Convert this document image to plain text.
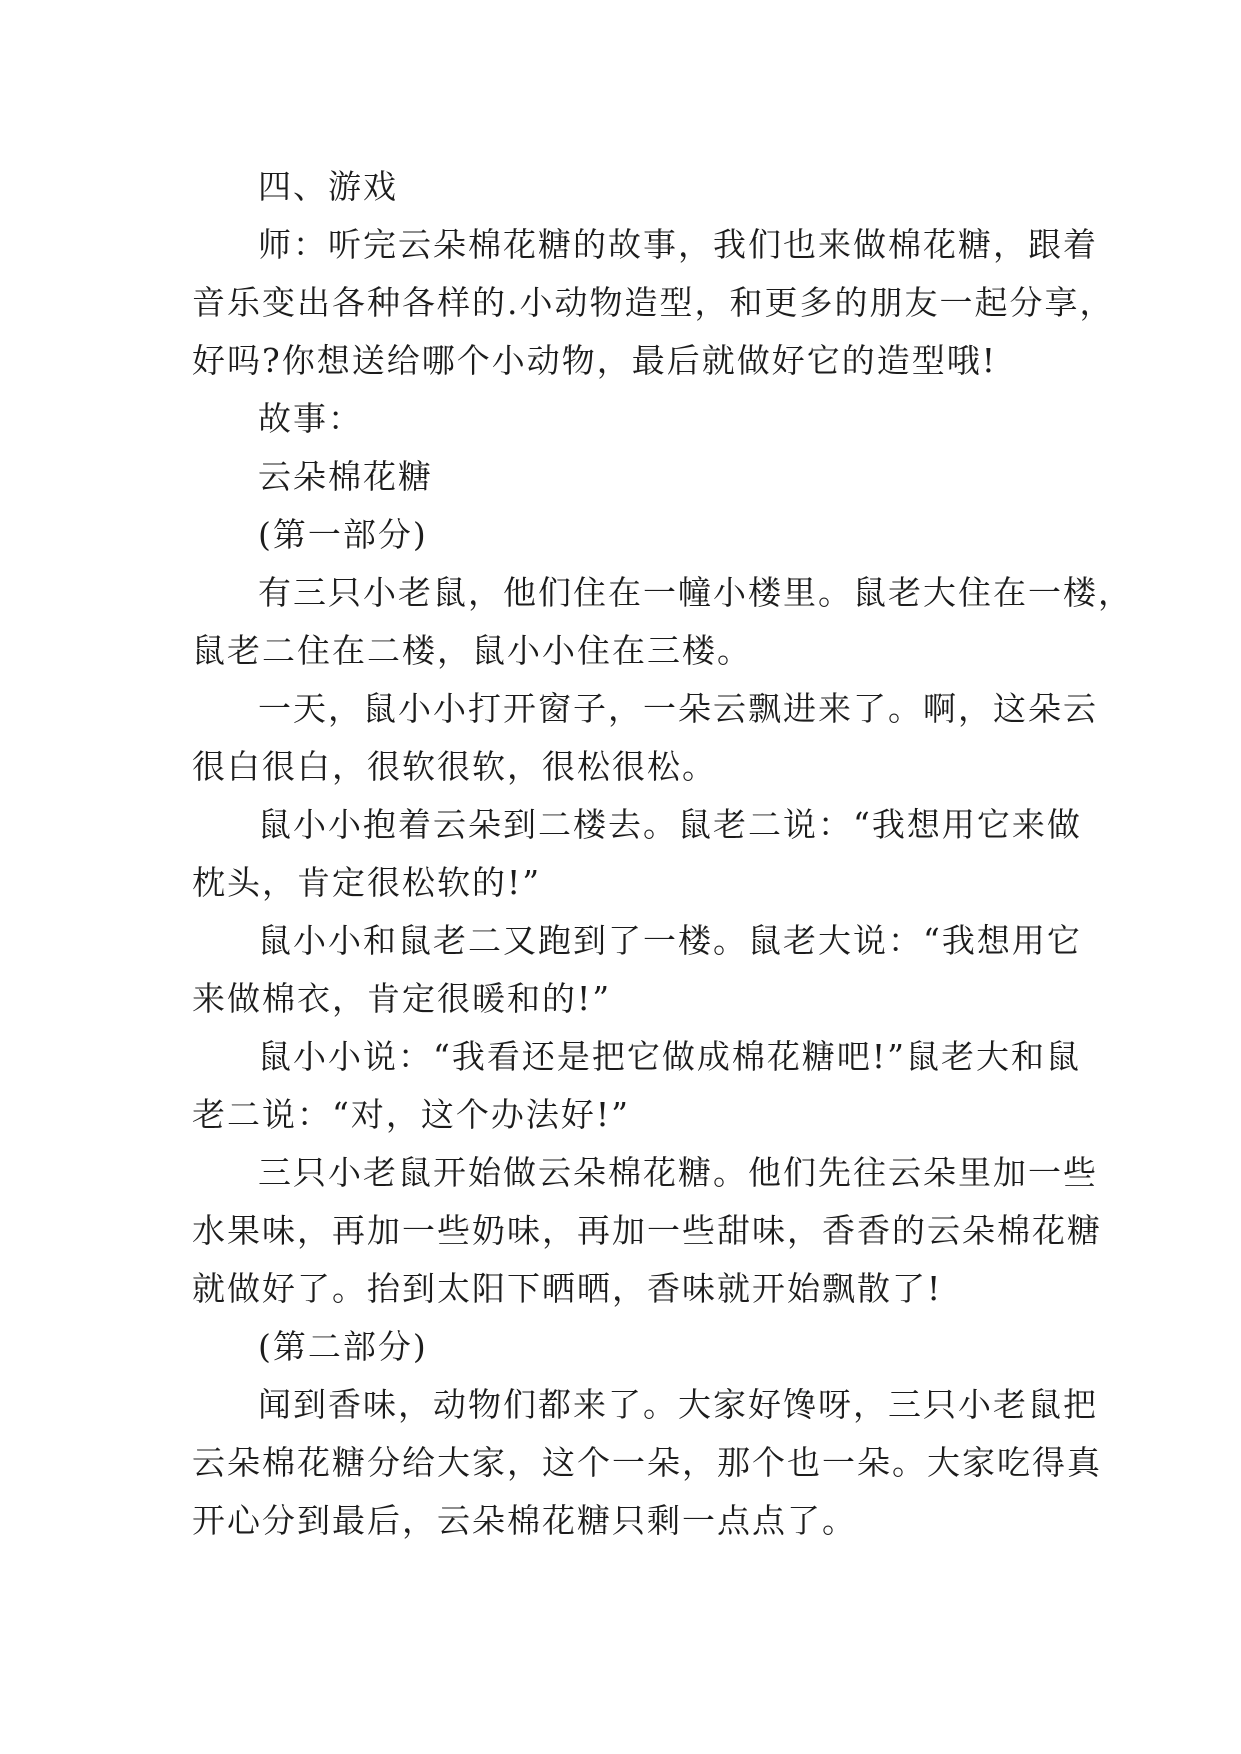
四、游戏
师：听完云朵棉花糖的故事，我们也来做棉花糖，跟着
音乐变出各种各样的.小动物造型，和更多的朋友一起分享，
好吗?你想送给哪个小动物，最后就做好它的造型哦!
故事：
云朵棉花糖
(第一部分)
有三只小老鼠，他们住在一幢小楼里。鼠老大住在一楼，
鼠老二住在二楼，鼠小小住在三楼。
一天，鼠小小打开窗子，一朵云飘进来了。啊，这朵云
很白很白，很软很软，很松很松。
鼠小小抱着云朵到二楼去。鼠老二说：“我想用它来做
枕头，肯定很松软的!”
鼠小小和鼠老二又跑到了一楼。鼠老大说：“我想用它
来做棉衣，肯定很暖和的!”
鼠小小说：“我看还是把它做成棉花糖吧!”鼠老大和鼠
老二说：“对，这个办法好!”
三只小老鼠开始做云朵棉花糖。他们先往云朵里加一些
水果味，再加一些奶味，再加一些甜味，香香的云朵棉花糖
就做好了。抬到太阳下晒晒，香味就开始飘散了!
(第二部分)
闻到香味，动物们都来了。大家好馋呀，三只小老鼠把
云朵棉花糖分给大家，这个一朵，那个也一朵。大家吃得真
开心分到最后，云朵棉花糖只剩一点点了。
